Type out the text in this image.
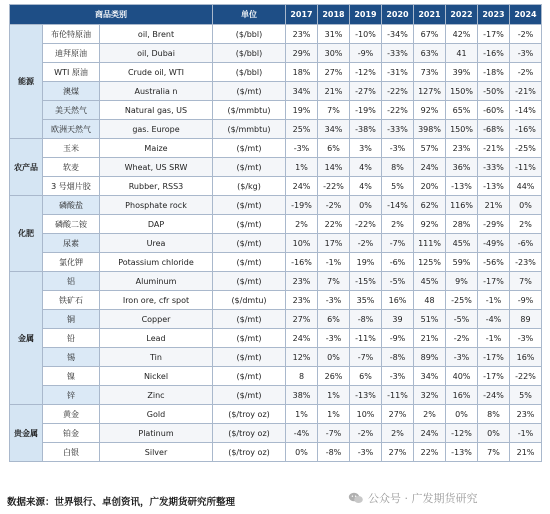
商品类别			单位	2017	2018	2019	2020	2021	2022	2023	2024
能源	布伦特原油	oil, Brent	($/bbl)	23%	31%	-10%	-34%	67%	42%	-17%	-2%
	迪拜原油	oil, Dubai	($/bbl)	29%	30%	-9%	-33%	63%	41	-16%	-3%
	WTI 原油	Crude oil, WTI	($/bbl)	18%	27%	-12%	-31%	73%	39%	-18%	-2%
	澳煤	Australia n	($/mt)	34%	21%	-27%	-22%	127%	150%	-50%	-21%
	美天然气	Natural gas, US	($/mmbtu)	19%	7%	-19%	-22%	92%	65%	-60%	-14%
	欧洲天然气	gas. Europe	($/mmbtu)	25%	34%	-38%	-33%	398%	150%	-68%	-16%
农产品	玉米	Maize	($/mt)	-3%	6%	3%	-3%	57%	23%	-21%	-25%
	软麦	Wheat, US SRW	($/mt)	1%	14%	4%	8%	24%	36%	-33%	-11%
	3 号烟片胶	Rubber, RSS3	($/kg)	24%	-22%	4%	5%	20%	-13%	-13%	44%
化肥	磷酸盐	Phosphate rock	($/mt)	-19%	-2%	0%	-14%	62%	116%	21%	0%
	磷酸二铵	DAP	($/mt)	2%	22%	-22%	2%	92%	28%	-29%	2%
	尿素	Urea	($/mt)	10%	17%	-2%	-7%	111%	45%	-49%	-6%
	氯化钾	Potassium chloride	($/mt)	-16%	-1%	19%	-6%	125%	59%	-56%	-23%
金属	铝	Aluminum	($/mt)	23%	7%	-15%	-5%	45%	9%	-17%	7%
	铁矿石	Iron ore, cfr spot	($/dmtu)	23%	-3%	35%	16%	48	-25%	-1%	-9%
	铜	Copper	($/mt)	27%	6%	-8%	39	51%	-5%	-4%	89
	铅	Lead	($/mt)	24%	-3%	-11%	-9%	21%	-2%	-1%	-3%
	锡	Tin	($/mt)	12%	0%	-7%	-8%	89%	-3%	-17%	16%
	镍	Nickel	($/mt)	8	26%	6%	-3%	34%	40%	-17%	-22%
	锌	Zinc	($/mt)	38%	1%	-13%	-11%	32%	16%	-24%	5%
贵金属	黄金	Gold	($/troy oz)	1%	1%	10%	27%	2%	0%	8%	23%
	铂金	Platinum	($/troy oz)	-4%	-7%	-2%	2%	24%	-12%	0%	-1%
	白银	Silver	($/troy oz)	0%	-8%	-3%	27%	22%	-13%	7%	21%
数据来源：世界银行、卓创资讯，广发期货研究所整理	公众号 · 广发期货研究
